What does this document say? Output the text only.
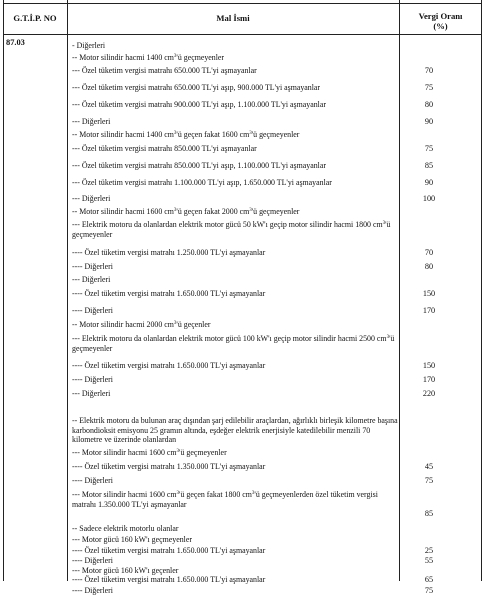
G.T.İ.P. NO	Mal İsmi	Vergi Oranı
(%)
87.03	- Diğerleri
-- Motor silindir hacmi 1400 $cm^3'ü$ geçmeyenler
--- Özel tüketim vergisi matrahı 650.000 TL'yi aşmayanlar	70
--- Özel tüketim vergisi matrahı 650.000 TL'yi aşıp, 900.000 TL'yi aşmayanlar	75
--- Özel tüketim vergisi matrahı 900.000 TL'yi aşıp, 1.100.000 TL'yi aşmayanlar	80
--- Diğerleri	90
-- Motor silindir hacmi 1400 $cm^3'ü$ geçen fakat 1600 $cm^3'ü$ geçmeyenler
--- Özel tüketim vergisi matrahı 850.000 TL'yi aşmayanlar	75
--- Özel tüketim vergisi matrahı 850.000 TL'yi aşıp, 1.100.000 TL'yi aşmayanlar	85
--- Özel tüketim vergisi matrahı 1.100.000 TL'yi aşıp, 1.650.000 TL'yi aşmayanlar	90
--- Diğerleri	100
-- Motor silindir hacmi 1600 $cm^3'ü$ geçen fakat 2000 $cm^3'ü$ geçmeyenler
--- Elektrik motoru da olanlardan elektrik motor gücü 50 kW'ı geçip motor silindir hacmi 1800 $cm^3'ü$ geçmeyenler
---- Özel tüketim vergisi matrahı 1.250.000 TL'yi aşmayanlar	70
---- Diğerleri	80
--- Diğerleri
---- Özel tüketim vergisi matrahı 1.650.000 TL'yi aşmayanlar	150
---- Diğerleri	170
-- Motor silindir hacmi 2000 $cm^3'ü$ geçenler
--- Elektrik motoru da olanlardan elektrik motor gücü 100 kW'ı geçip motor silindir hacmi 2500 $cm^3'ü$ geçmeyenler
---- Özel tüketim vergisi matrahı 1.650.000 TL'yi aşmayanlar	150
---- Diğerleri	170
--- Diğerleri	220
-- Elektrik motoru da bulunan araç dışından şarj edilebilir araçlardan, ağırlıklı birleşik kilometre başına karbondioksit emisyonu 25 gramın altında, eşdeğer elektrik enerjisiyle katedilebilir menzili 70 kilometre ve üzerinde olanlardan
--- Motor silindir hacmi 1600 $cm^3'ü$ geçmeyenler
---- Özel tüketim vergisi matrahı 1.350.000 TL'yi aşmayanlar	45
---- Diğerleri	75
--- Motor silindir hacmi 1600 $cm^3'ü$ geçen fakat 1800 $cm^3'ü$ geçmeyenlerden özel tüketim vergisi matrahı 1.350.000 TL'yi aşmayanlar
85
-- Sadece elektrik motorlu olanlar
--- Motor gücü 160 kW'ı geçmeyenler
---- Özel tüketim vergisi matrahı 1.650.000 TL'yi aşmayanlar	25
---- Diğerleri	55
--- Motor gücü 160 kW'ı geçenler
---- Özel tüketim vergisi matrahı 1.650.000 TL'yi aşmayanlar	65
---- Diğerleri	75
